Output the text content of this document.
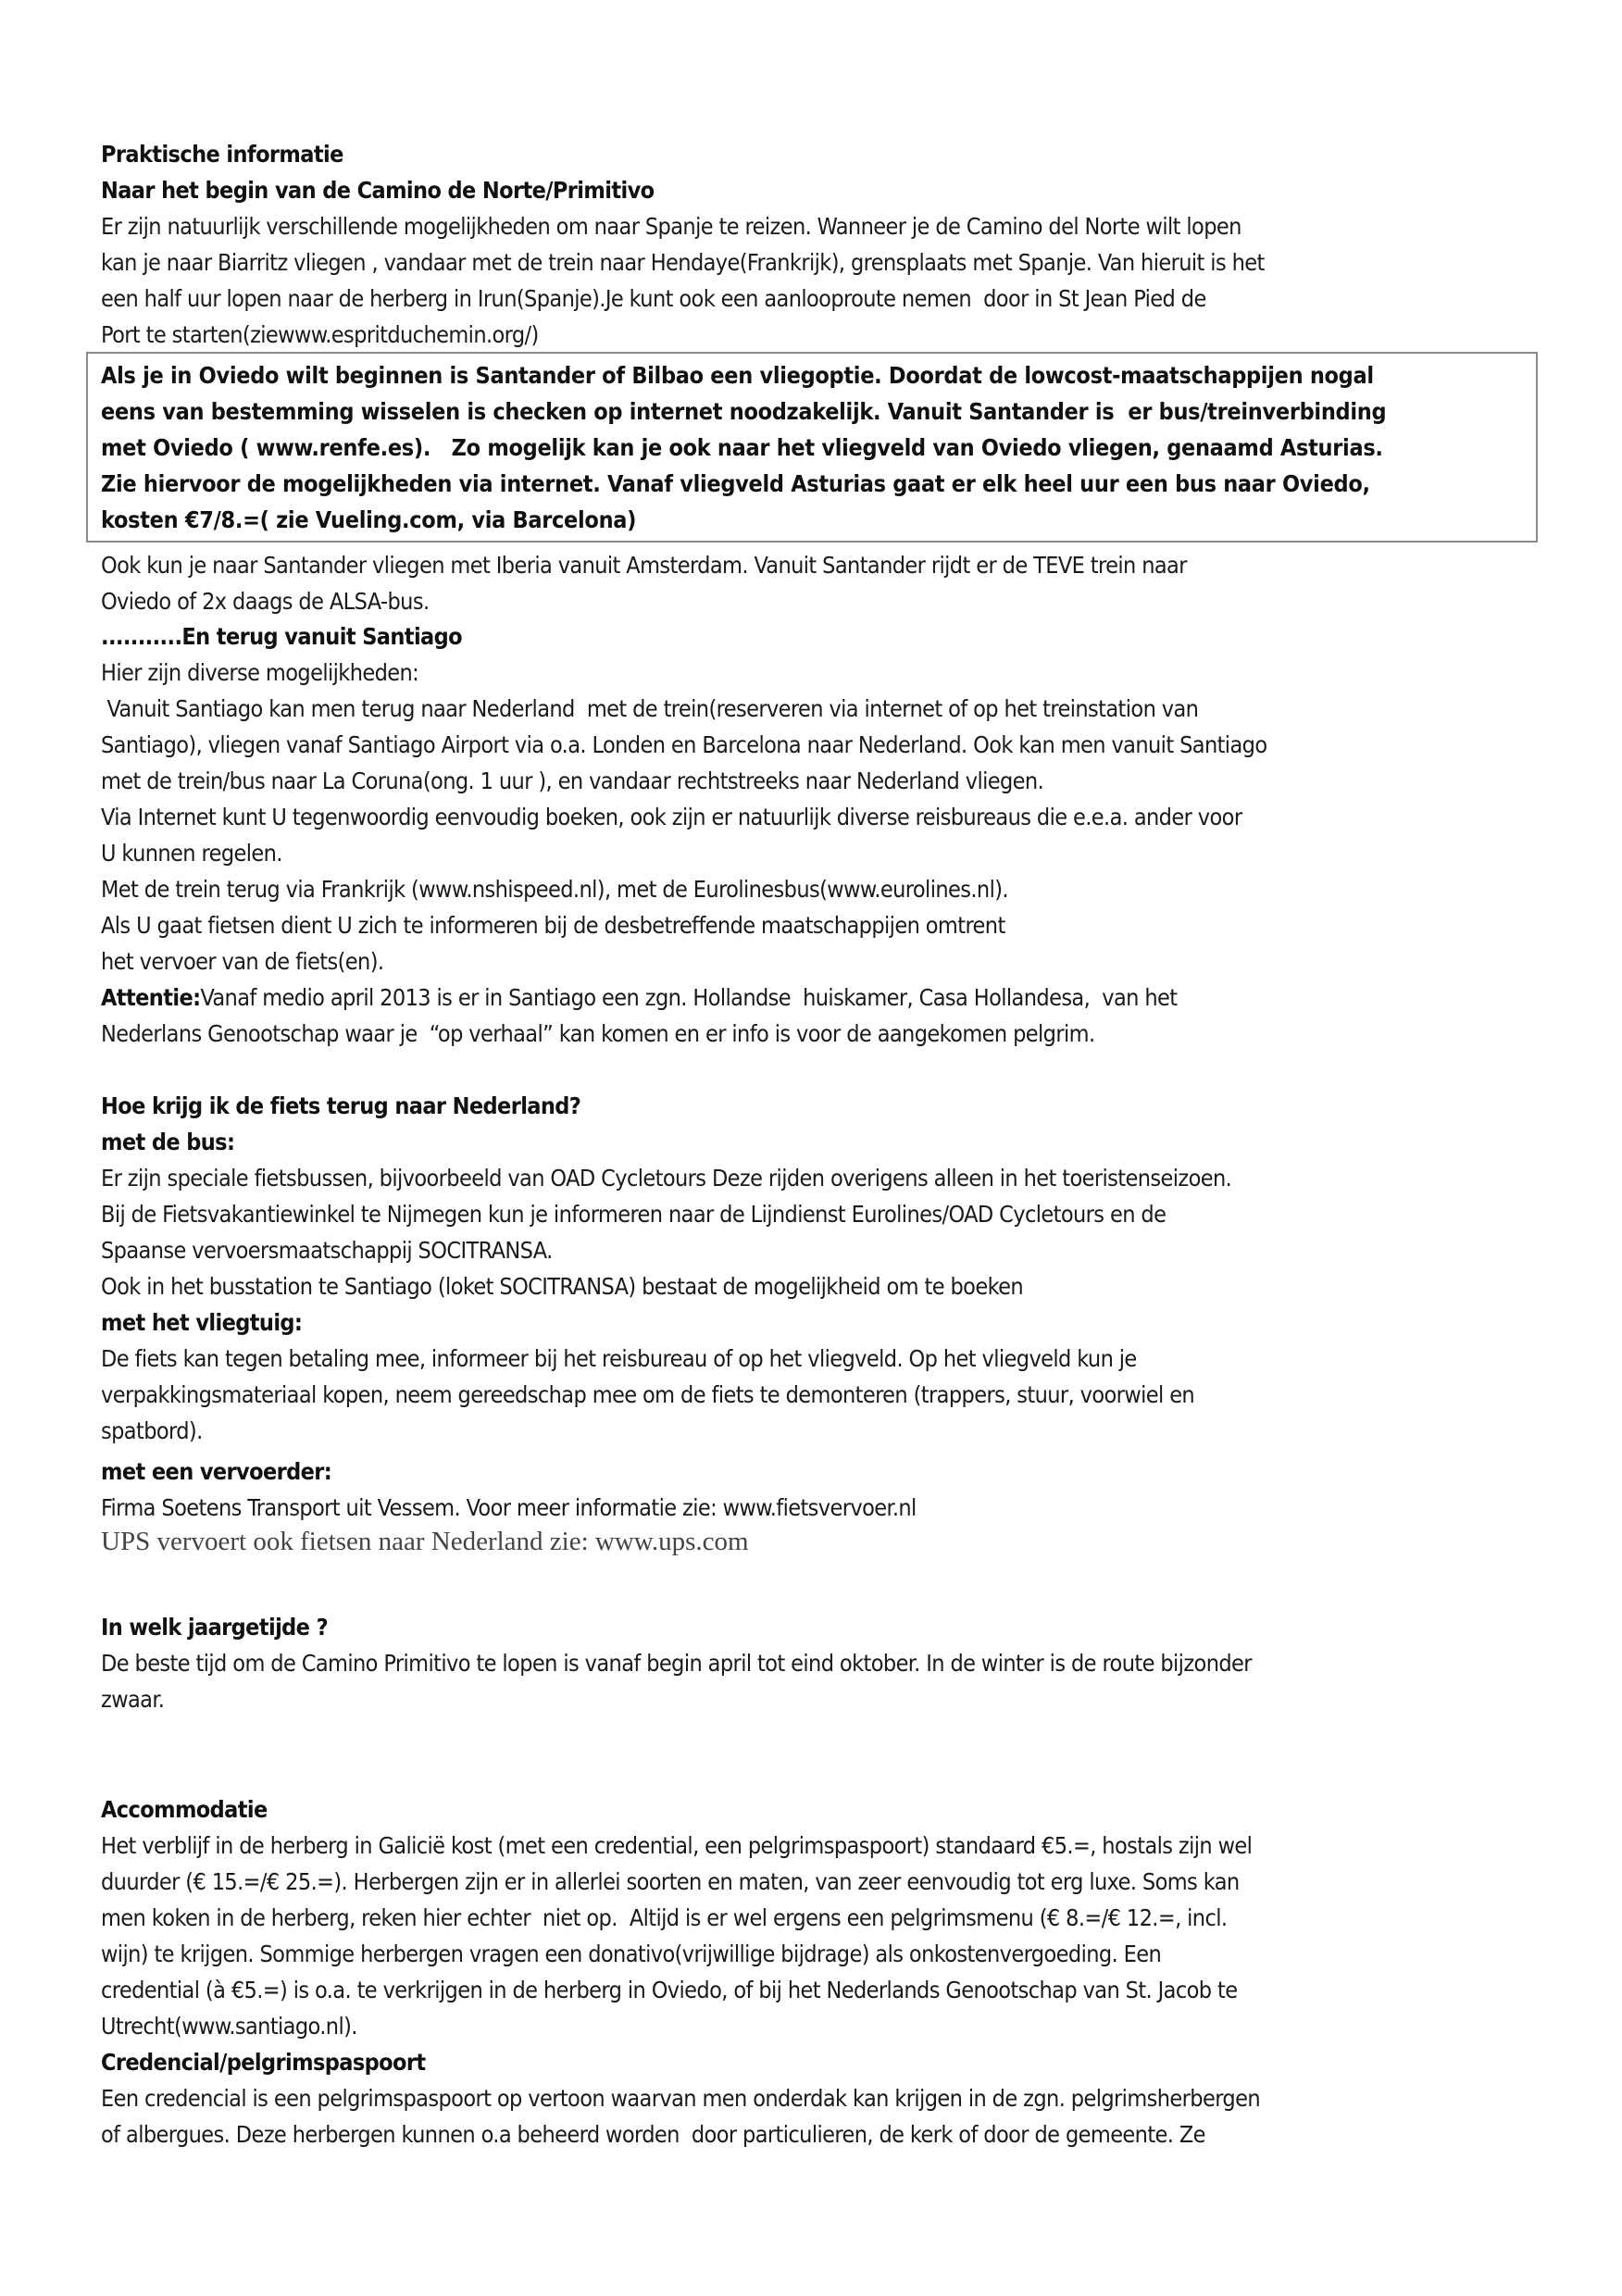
Praktische informatie
Naar het begin van de Camino de Norte/Primitivo
Er zijn natuurlijk verschillende mogelijkheden om naar Spanje te reizen. Wanneer je de Camino del Norte wilt lopen
kan je naar Biarritz vliegen , vandaar met de trein naar Hendaye(Frankrijk), grensplaats met Spanje. Van hieruit is het
een half uur lopen naar de herberg in Irun(Spanje).Je kunt ook een aanlooproute nemen  door in St Jean Pied de
Port te starten(ziewww.espritduchemin.org/)
Als je in Oviedo wilt beginnen is Santander of Bilbao een vliegoptie. Doordat de lowcost-maatschappijen nogal
eens van bestemming wisselen is checken op internet noodzakelijk. Vanuit Santander is  er bus/treinverbinding
met Oviedo ( www.renfe.es).   Zo mogelijk kan je ook naar het vliegveld van Oviedo vliegen, genaamd Asturias.
Zie hiervoor de mogelijkheden via internet. Vanaf vliegveld Asturias gaat er elk heel uur een bus naar Oviedo,
kosten €7/8.=( zie Vueling.com, via Barcelona)
Ook kun je naar Santander vliegen met Iberia vanuit Amsterdam. Vanuit Santander rijdt er de TEVE trein naar
Oviedo of 2x daags de ALSA-bus.
...........En terug vanuit Santiago
Hier zijn diverse mogelijkheden:
Vanuit Santiago kan men terug naar Nederland  met de trein(reserveren via internet of op het treinstation van
Santiago), vliegen vanaf Santiago Airport via o.a. Londen en Barcelona naar Nederland. Ook kan men vanuit Santiago
met de trein/bus naar La Coruna(ong. 1 uur ), en vandaar rechtstreeks naar Nederland vliegen.
Via Internet kunt U tegenwoordig eenvoudig boeken, ook zijn er natuurlijk diverse reisbureaus die e.e.a. ander voor
U kunnen regelen.
Met de trein terug via Frankrijk (www.nshispeed.nl), met de Eurolinesbus(www.eurolines.nl).
Als U gaat fietsen dient U zich te informeren bij de desbetreffende maatschappijen omtrent
het vervoer van de fiets(en).
Attentie:Vanaf medio april 2013 is er in Santiago een zgn. Hollandse  huiskamer, Casa Hollandesa,  van het
Nederlans Genootschap waar je  “op verhaal” kan komen en er info is voor de aangekomen pelgrim.
Hoe krijg ik de fiets terug naar Nederland?
met de bus:
Er zijn speciale fietsbussen, bijvoorbeeld van OAD Cycletours Deze rijden overigens alleen in het toeristenseizoen.
Bij de Fietsvakantiewinkel te Nijmegen kun je informeren naar de Lijndienst Eurolines/OAD Cycletours en de
Spaanse vervoersmaatschappij SOCITRANSA.
Ook in het busstation te Santiago (loket SOCITRANSA) bestaat de mogelijkheid om te boeken
met het vliegtuig:
De fiets kan tegen betaling mee, informeer bij het reisbureau of op het vliegveld. Op het vliegveld kun je
verpakkingsmateriaal kopen, neem gereedschap mee om de fiets te demonteren (trappers, stuur, voorwiel en
spatbord).
met een vervoerder:
Firma Soetens Transport uit Vessem. Voor meer informatie zie: www.fietsvervoer.nl
UPS vervoert ook fietsen naar Nederland zie: www.ups.com
In welk jaargetijde ?
De beste tijd om de Camino Primitivo te lopen is vanaf begin april tot eind oktober. In de winter is de route bijzonder
zwaar.
Accommodatie
Het verblijf in de herberg in Galicië kost (met een credential, een pelgrimspaspoort) standaard €5.=, hostals zijn wel
duurder (€ 15.=/€ 25.=). Herbergen zijn er in allerlei soorten en maten, van zeer eenvoudig tot erg luxe. Soms kan
men koken in de herberg, reken hier echter  niet op.  Altijd is er wel ergens een pelgrimsmenu (€ 8.=/€ 12.=, incl.
wijn) te krijgen. Sommige herbergen vragen een donativo(vrijwillige bijdrage) als onkostenvergoeding. Een
credential (à €5.=) is o.a. te verkrijgen in de herberg in Oviedo, of bij het Nederlands Genootschap van St. Jacob te
Utrecht(www.santiago.nl).
Credencial/pelgrimspaspoort
Een credencial is een pelgrimspaspoort op vertoon waarvan men onderdak kan krijgen in de zgn. pelgrimsherbergen
of albergues. Deze herbergen kunnen o.a beheerd worden  door particulieren, de kerk of door de gemeente. Ze
